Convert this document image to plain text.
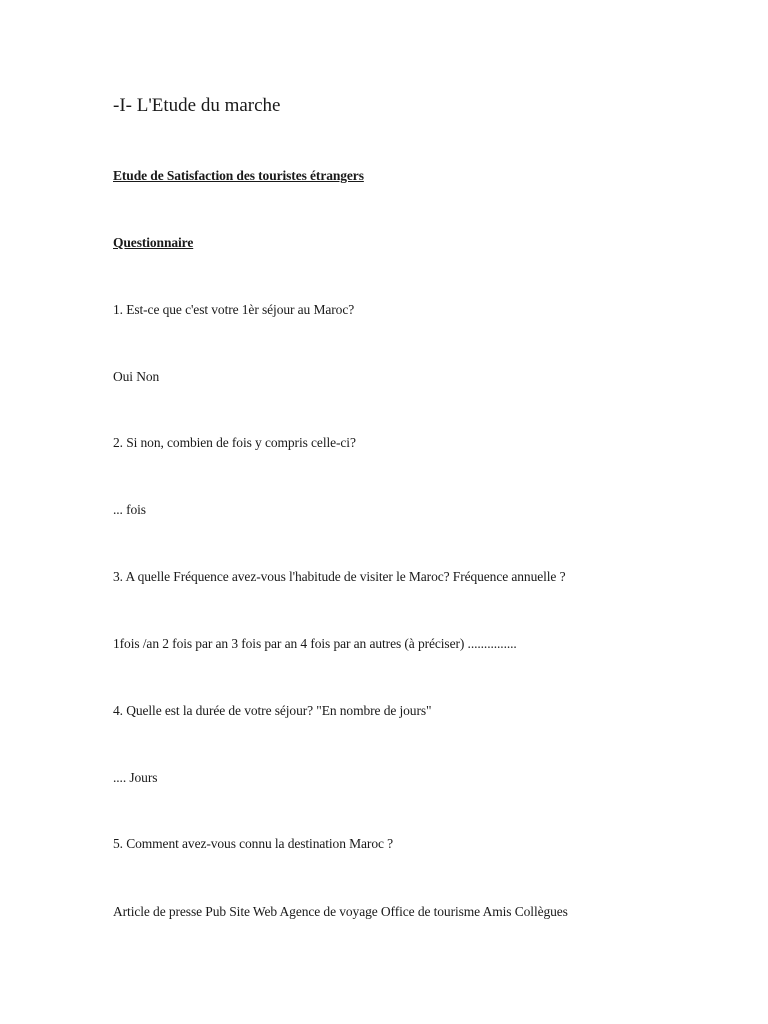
-I- L'Etude du marche
Etude de Satisfaction des touristes étrangers
Questionnaire
1. Est-ce que c'est votre 1èr séjour au Maroc?
Oui Non
2. Si non, combien de fois y compris celle-ci?
... fois
3. A quelle Fréquence avez-vous l'habitude de visiter le Maroc? Fréquence annuelle ?
1fois /an 2 fois par an 3 fois par an 4 fois par an autres (à préciser) ...............
4. Quelle est la durée de votre séjour? "En nombre de jours"
.... Jours
5. Comment avez-vous connu la destination Maroc ?
Article de presse Pub Site Web Agence de voyage Office de tourisme Amis Collègues
